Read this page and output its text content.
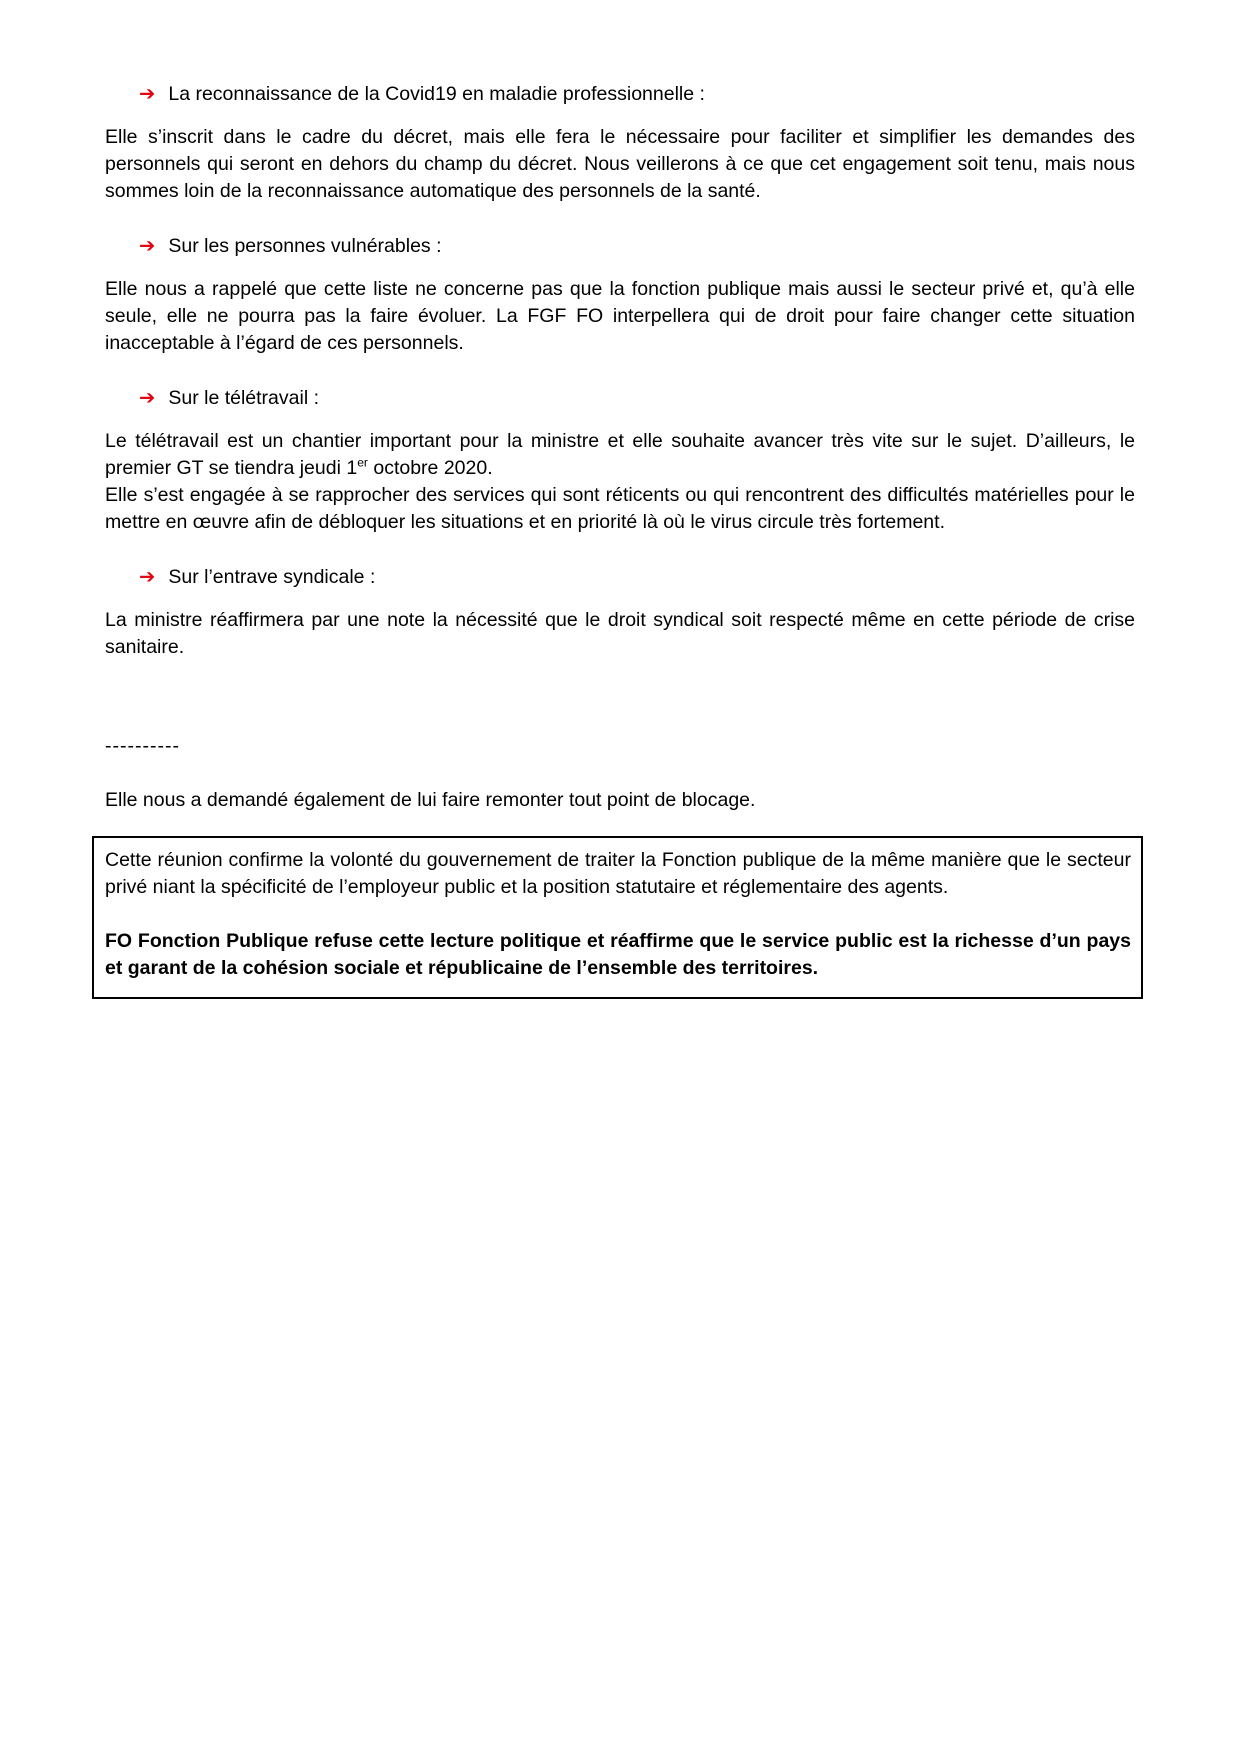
➔ La reconnaissance de la Covid19 en maladie professionnelle :

Elle s’inscrit dans le cadre du décret, mais elle fera le nécessaire pour faciliter et simplifier les demandes des personnels qui seront en dehors du champ du décret. Nous veillerons à ce que cet engagement soit tenu, mais nous sommes loin de la reconnaissance automatique des personnels de la santé.

➔ Sur les personnes vulnérables :

Elle nous a rappelé que cette liste ne concerne pas que la fonction publique mais aussi le secteur privé et, qu’à elle seule, elle ne pourra pas la faire évoluer. La FGF FO interpellera qui de droit pour faire changer cette situation inacceptable à l’égard de ces personnels.

➔ Sur le télétravail :

Le télétravail est un chantier important pour la ministre et elle souhaite avancer très vite sur le sujet. D’ailleurs, le premier GT se tiendra jeudi 1er octobre 2020.
Elle s’est engagée à se rapprocher des services qui sont réticents ou qui rencontrent des difficultés matérielles pour le mettre en œuvre afin de débloquer les situations et en priorité là où le virus circule très fortement.

➔ Sur l’entrave syndicale :

La ministre réaffirmera par une note la nécessité que le droit syndical soit respecté même en cette période de crise sanitaire.

----------

Elle nous a demandé également de lui faire remonter tout point de blocage.

Cette réunion confirme la volonté du gouvernement de traiter la Fonction publique de la même manière que le secteur privé niant la spécificité de l’employeur public et la position statutaire et réglementaire des agents.

FO Fonction Publique refuse cette lecture politique et réaffirme que le service public est la richesse d’un pays et garant de la cohésion sociale et républicaine de l’ensemble des territoires.
